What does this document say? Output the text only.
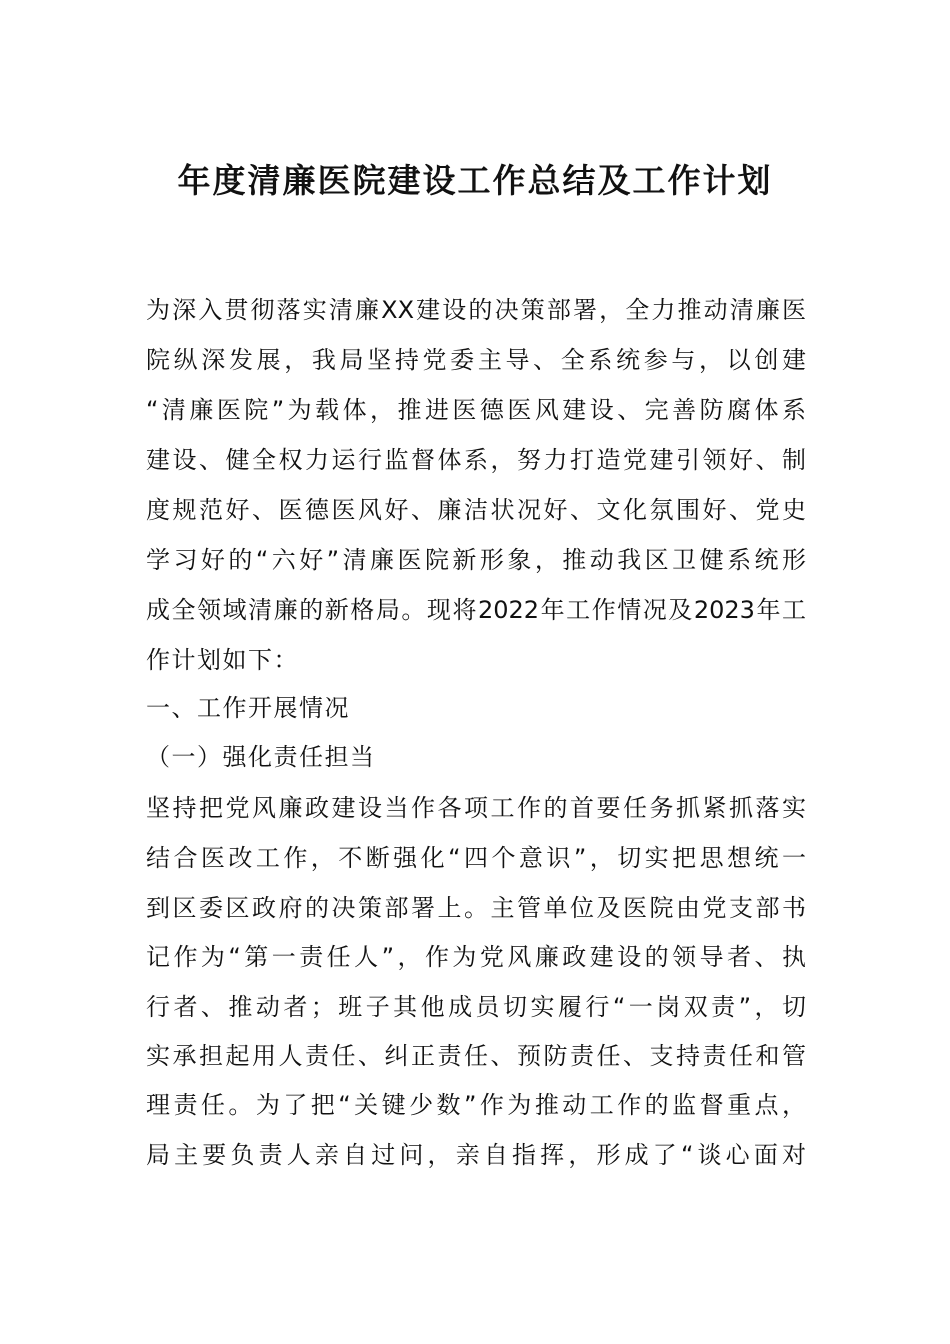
年度清廉医院建设工作总结及工作计划
为深入贯彻落实清廉XX建设的决策部署，全力推动清廉医
院纵深发展，我局坚持党委主导、全系统参与，以创建
“清廉医院”为载体，推进医德医风建设、完善防腐体系
建设、健全权力运行监督体系，努力打造党建引领好、制
度规范好、医德医风好、廉洁状况好、文化氛围好、党史
学习好的“六好”清廉医院新形象，推动我区卫健系统形
成全领域清廉的新格局。现将2022年工作情况及2023年工
作计划如下：
一、工作开展情况
（一）强化责任担当
坚持把党风廉政建设当作各项工作的首要任务抓紧抓落实
结合医改工作，不断强化“四个意识”，切实把思想统一
到区委区政府的决策部署上。主管单位及医院由党支部书
记作为“第一责任人”，作为党风廉政建设的领导者、执
行者、推动者；班子其他成员切实履行“一岗双责”，切
实承担起用人责任、纠正责任、预防责任、支持责任和管
理责任。为了把“关键少数”作为推动工作的监督重点，
局主要负责人亲自过问，亲自指挥，形成了“谈心面对
